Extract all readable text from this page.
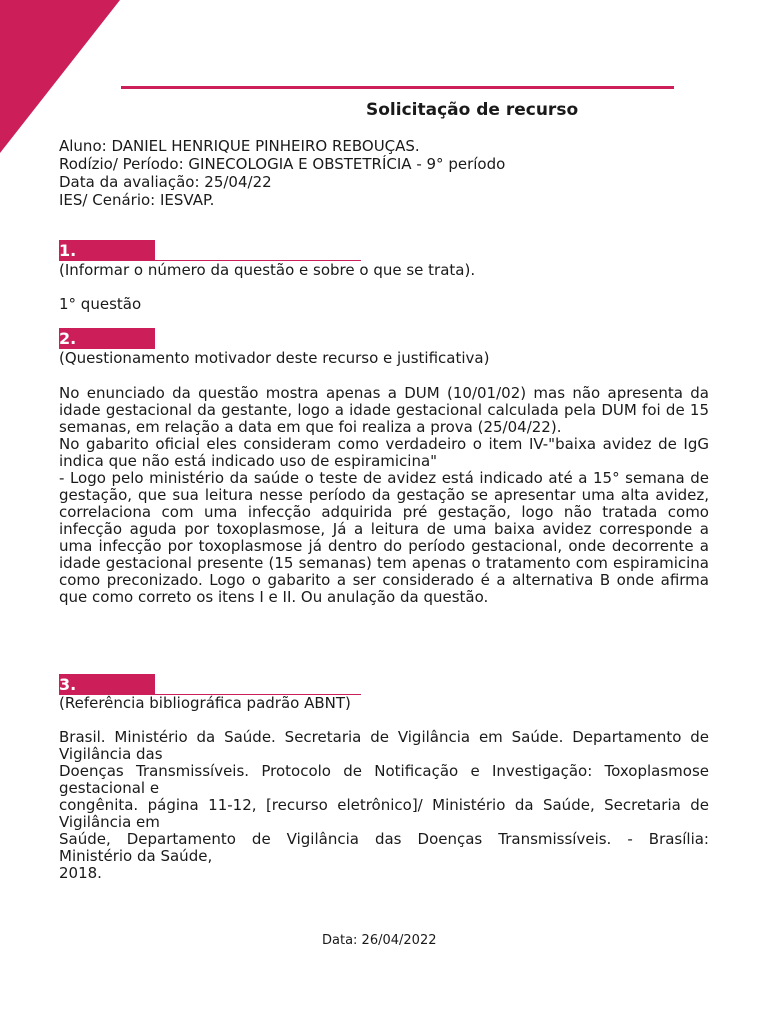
Solicitação de recurso
Aluno: DANIEL HENRIQUE PINHEIRO REBOUÇAS.
Rodízio/ Período: GINECOLOGIA E OBSTETRÍCIA - 9° período
Data da avaliação: 25/04/22
IES/ Cenário: IESVAP.
1.

(Informar o número da questão e sobre o que se trata).

1° questão

2.

(Questionamento motivador deste recurso e justificativa)

No enunciado da questão mostra apenas a DUM (10/01/02) mas não apresenta da idade gestacional da gestante, logo a idade gestacional calculada pela DUM foi de 15 semanas, em relação a data em que foi realiza a prova (25/04/22).
No gabarito oficial eles consideram como verdadeiro o item IV-"baixa avidez de IgG indica que não está indicado uso de espiramicina"
- Logo pelo ministério da saúde o teste de avidez está indicado até a 15° semana de gestação, que sua leitura nesse período da gestação se apresentar uma alta avidez, correlaciona com uma infecção adquirida pré gestação, logo não tratada como infecção aguda por toxoplasmose, Já a leitura de uma baixa avidez corresponde a uma infecção por toxoplasmose já dentro do período gestacional, onde decorrente a idade gestacional presente (15 semanas) tem apenas o tratamento com espiramicina como preconizado. Logo o gabarito a ser considerado é a alternativa B onde afirma que como correto os itens I e II. Ou anulação da questão.
3.

(Referência bibliográfica padrão ABNT)

Brasil. Ministério da Saúde. Secretaria de Vigilância em Saúde. Departamento de
Vigilância das
Doenças Transmissíveis. Protocolo de Notificação e Investigação: Toxoplasmose
gestacional e
congênita. página 11-12, [recurso eletrônico]/ Ministério da Saúde, Secretaria de
Vigilância em
Saúde, Departamento de Vigilância das Doenças Transmissíveis. - Brasília:
Ministério da Saúde,
2018.
Data: 26/04/2022
